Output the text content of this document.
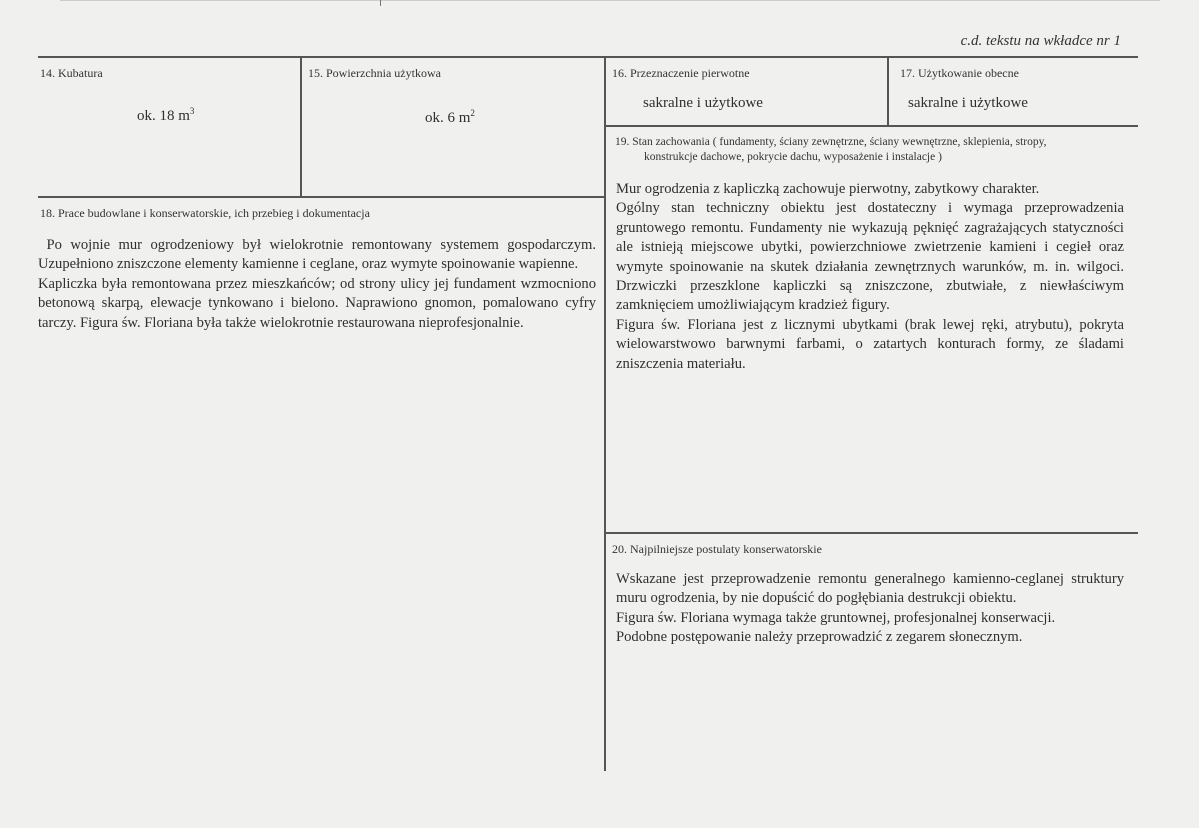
c.d. tekstu na wkładce nr 1
14. Kubatura
ok. 18 $m^3$
15. Powierzchnia użytkowa
ok. 6 $m^2$
16. Przeznaczenie pierwotne
sakralne i użytkowe
17. Użytkowanie obecne
sakralne i użytkowe
19. Stan zachowania ( fundamenty, ściany zewnętrzne, ściany wewnętrzne, sklepienia, stropy,
konstrukcje dachowe, pokrycie dachu, wyposażenie i instalacje )

Mur ogrodzenia z kapliczką zachowuje pierwotny, zabytkowy charakter.

Ogólny stan techniczny obiektu jest dostateczny i wymaga przeprowadzenia gruntowego remontu. Fundamenty nie wykazują pęknięć zagrażających statyczności ale istnieją miejscowe ubytki, powierzchniowe zwietrzenie kamieni i cegieł oraz wymyte spoinowanie na skutek działania zewnętrznych warunków, m. in. wilgoci. Drzwiczki przeszklone kapliczki są zniszczone, zbutwiałe, z niewłaściwym zamknięciem umożliwiającym kradzież figury.

Figura św. Floriana jest z licznymi ubytkami (brak lewej ręki, atrybutu), pokryta wielowarstwowo barwnymi farbami, o zatartych konturach formy, ze śladami zniszczenia materiału.

18. Prace budowlane i konserwatorskie, ich przebieg i dokumentacja

Po wojnie mur ogrodzeniowy był wielokrotnie remontowany systemem gospodarczym. Uzupełniono zniszczone elementy kamienne i ceglane, oraz wymyte spoinowanie wapienne.

Kapliczka była remontowana przez mieszkańców; od strony ulicy jej fundament wzmocniono betonową skarpą, elewacje tynkowano i bielono. Naprawiono gnomon, pomalowano cyfry tarczy. Figura św. Floriana była także wielokrotnie restaurowana nieprofesjonalnie.

20. Najpilniejsze postulaty konserwatorskie

Wskazane jest przeprowadzenie remontu generalnego kamienno-ceglanej struktury muru ogrodzenia, by nie dopuścić do pogłębiania destrukcji obiektu.

Figura św. Floriana wymaga także gruntownej, profesjonalnej konserwacji.

Podobne postępowanie należy przeprowadzić z zegarem słonecznym.
